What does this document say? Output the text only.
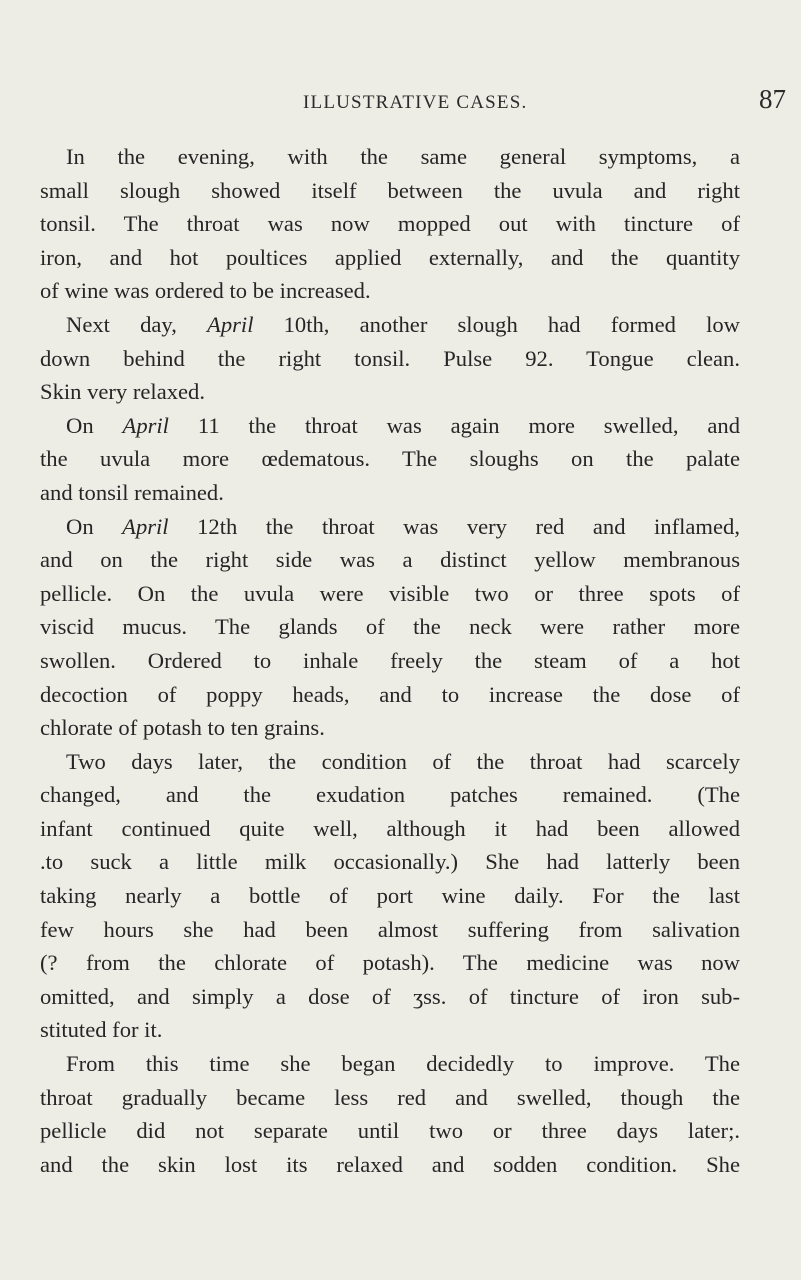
ILLUSTRATIVE CASES.	87

In the evening, with the same general symptoms, a
small slough showed itself between the uvula and right
tonsil. The throat was now mopped out with tincture of
iron, and hot poultices applied externally, and the quantity
of wine was ordered to be increased.

Next day, April 10th, another slough had formed low
down behind the right tonsil. Pulse 92. Tongue clean.
Skin very relaxed.

On April 11 the throat was again more swelled, and
the uvula more œdematous. The sloughs on the palate
and tonsil remained.

On April 12th the throat was very red and inflamed,
and on the right side was a distinct yellow membranous
pellicle. On the uvula were visible two or three spots of
viscid mucus. The glands of the neck were rather more
swollen. Ordered to inhale freely the steam of a hot
decoction of poppy heads, and to increase the dose of
chlorate of potash to ten grains.

Two days later, the condition of the throat had scarcely
changed, and the exudation patches remained. (The
infant continued quite well, although it had been allowed
.to suck a little milk occasionally.) She had latterly been
taking nearly a bottle of port wine daily. For the last
few hours she had been almost suffering from salivation
(? from the chlorate of potash). The medicine was now
omitted, and simply a dose of ʒss. of tincture of iron sub-
stituted for it.

From this time she began decidedly to improve. The
throat gradually became less red and swelled, though the
pellicle did not separate until two or three days later;.
and the skin lost its relaxed and sodden condition. She
